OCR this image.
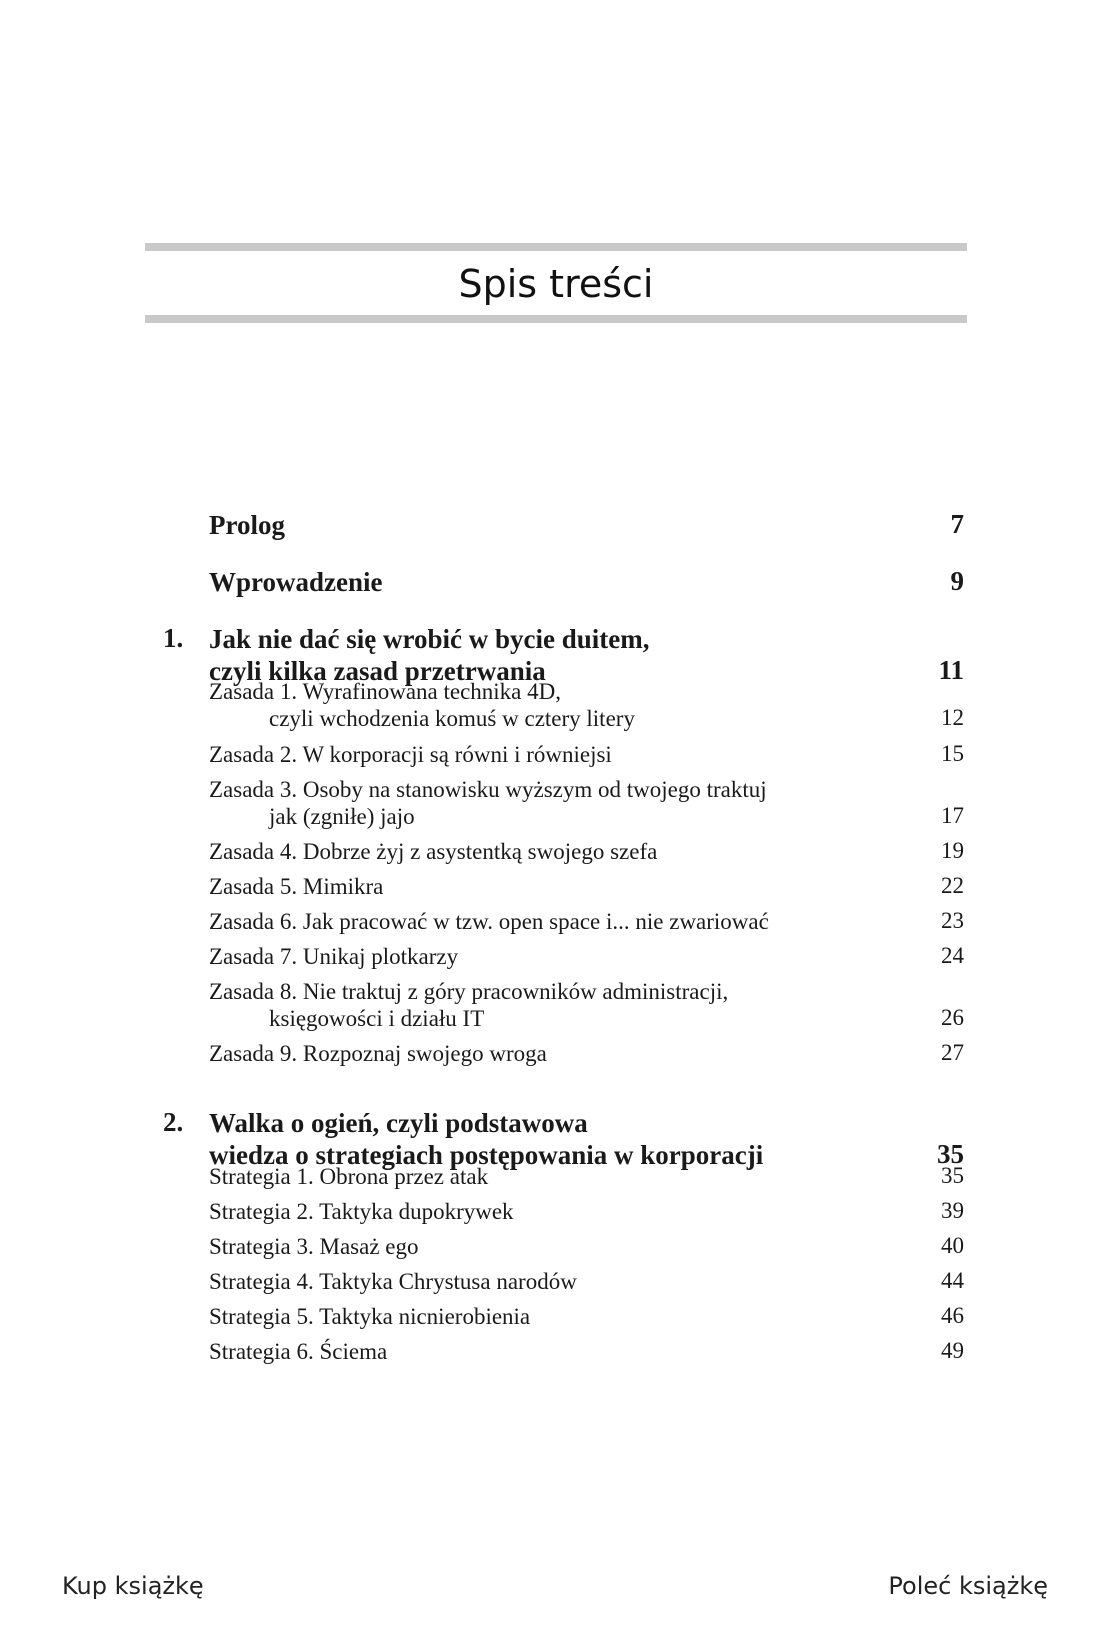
Spis treści
Prolog	7
Wprowadzenie	9
1. Jak nie dać się wrobić w bycie duitem,
czyli kilka zasad przetrwania	11
Zasada 1. Wyrafinowana technika 4D,
czyli wchodzenia komuś w cztery litery	12
Zasada 2. W korporacji są równi i równiejsi	15
Zasada 3. Osoby na stanowisku wyższym od twojego traktuj
jak (zgniłe) jajo	17
Zasada 4. Dobrze żyj z asystentką swojego szefa	19
Zasada 5. Mimikra	22
Zasada 6. Jak pracować w tzw. open space i... nie zwariować	23
Zasada 7. Unikaj plotkarzy	24
Zasada 8. Nie traktuj z góry pracowników administracji,
księgowości i działu IT	26
Zasada 9. Rozpoznaj swojego wroga	27
2. Walka o ogień, czyli podstawowa
wiedza o strategiach postępowania w korporacji	35
Strategia 1. Obrona przez atak	35
Strategia 2. Taktyka dupokrywek	39
Strategia 3. Masaż ego	40
Strategia 4. Taktyka Chrystusa narodów	44
Strategia 5. Taktyka nicnierobienia	46
Strategia 6. Ściema	49
Kup książkę	Poleć książkę
